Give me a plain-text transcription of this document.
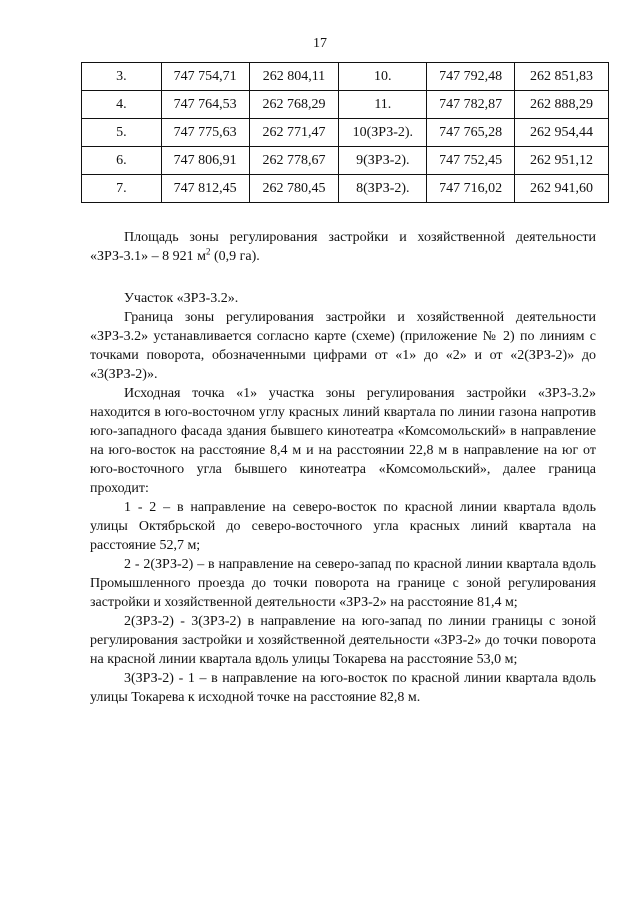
17
3.	747 754,71	262 804,11	10.	747 792,48	262 851,83
4.	747 764,53	262 768,29	11.	747 782,87	262 888,29
5.	747 775,63	262 771,47	10(ЗРЗ-2).	747 765,28	262 954,44
6.	747 806,91	262 778,67	9(ЗРЗ-2).	747 752,45	262 951,12
7.	747 812,45	262 780,45	8(ЗРЗ-2).	747 716,02	262 941,60

Площадь зоны регулирования застройки и хозяйственной деятельности «ЗРЗ-3.1» – 8 921 $м^2$ (0,9 га).

Участок «ЗРЗ-3.2».

Граница зоны регулирования застройки и хозяйственной деятельности «ЗРЗ-3.2» устанавливается согласно карте (схеме) (приложение № 2) по линиям с точками поворота, обозначенными цифрами от «1» до «2» и от «2(ЗРЗ-2)» до «3(ЗРЗ-2)».

Исходная точка «1» участка зоны регулирования застройки «ЗРЗ-3.2» находится в юго-восточном углу красных линий квартала по линии газона напротив юго-западного фасада здания бывшего кинотеатра «Комсомольский» в направление на юго-восток на расстояние 8,4 м и на расстоянии 22,8 м в направление на юг от юго-восточного угла бывшего кинотеатра «Комсомольский», далее граница проходит:

1 - 2 – в направление на северо-восток по красной линии квартала вдоль улицы Октябрьской до северо-восточного угла красных линий квартала на расстояние 52,7 м;

2 - 2(ЗРЗ-2) – в направление на северо-запад по красной линии квартала вдоль Промышленного проезда до точки поворота на границе с зоной регулирования застройки и хозяйственной деятельности «ЗРЗ-2» на расстояние 81,4 м;

2(ЗРЗ-2) - 3(ЗРЗ-2) в направление на юго-запад по линии границы с зоной регулирования застройки и хозяйственной деятельности «ЗРЗ-2» до точки поворота на красной линии квартала вдоль улицы Токарева на расстояние 53,0 м;

3(ЗРЗ-2) - 1 – в направление на юго-восток по красной линии квартала вдоль улицы Токарева к исходной точке на расстояние 82,8 м.
